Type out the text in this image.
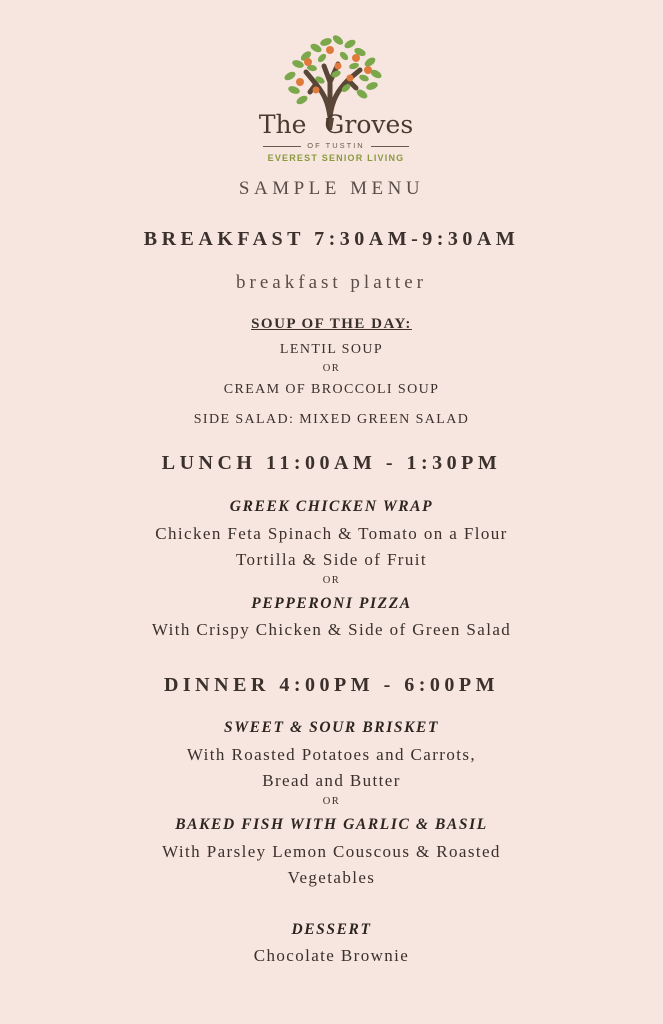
The Groves
OF TUSTIN
EVEREST SENIOR LIVING
SAMPLE MENU
BREAKFAST 7:30AM-9:30AM
breakfast platter
SOUP OF THE DAY:
LENTIL SOUP
OR
CREAM OF BROCCOLI SOUP
SIDE SALAD: MIXED GREEN SALAD
LUNCH 11:00AM - 1:30PM
GREEK CHICKEN WRAP
Chicken Feta Spinach & Tomato on a Flour
Tortilla & Side of Fruit
OR
PEPPERONI PIZZA
With Crispy Chicken & Side of Green Salad
DINNER 4:00PM - 6:00PM
SWEET & SOUR BRISKET
With Roasted Potatoes and Carrots,
Bread and Butter
OR
BAKED FISH WITH GARLIC & BASIL
With Parsley Lemon Couscous & Roasted
Vegetables
DESSERT
Chocolate Brownie
